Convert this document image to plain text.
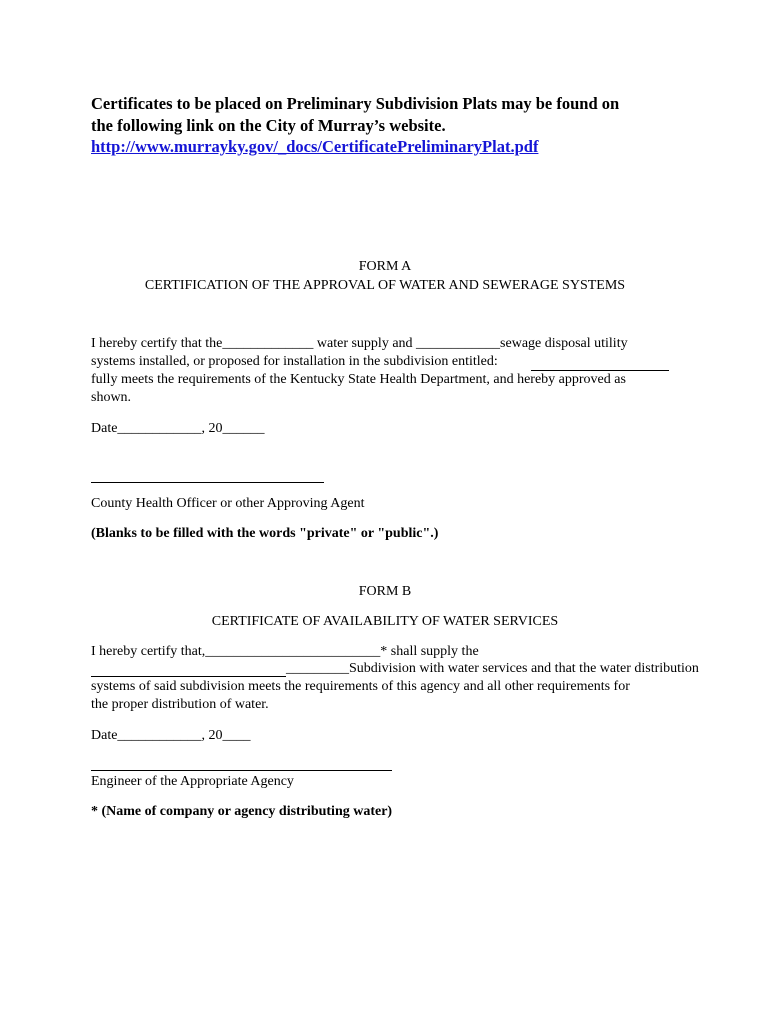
Certificates to be placed on Preliminary Subdivision Plats may be found on
the following link on the City of Murray’s website.
http://www.murrayky.gov/_docs/CertificatePreliminaryPlat.pdf
FORM A
CERTIFICATION OF THE APPROVAL OF WATER AND SEWERAGE SYSTEMS
I hereby certify that the_____________ water supply and ____________sewage disposal utility
systems installed, or proposed for installation in the subdivision entitled:
fully meets the requirements of the Kentucky State Health Department, and hereby approved as
shown.
Date____________, 20______
County Health Officer or other Approving Agent
(Blanks to be filled with the words "private" or "public".)
FORM B
CERTIFICATE OF AVAILABILITY OF WATER SERVICES
I hereby certify that,_________________________* shall supply the
_________Subdivision with water services and that the water distribution
systems of said subdivision meets the requirements of this agency and all other requirements for
the proper distribution of water.
Date____________, 20____
Engineer of the Appropriate Agency
* (Name of company or agency distributing water)
